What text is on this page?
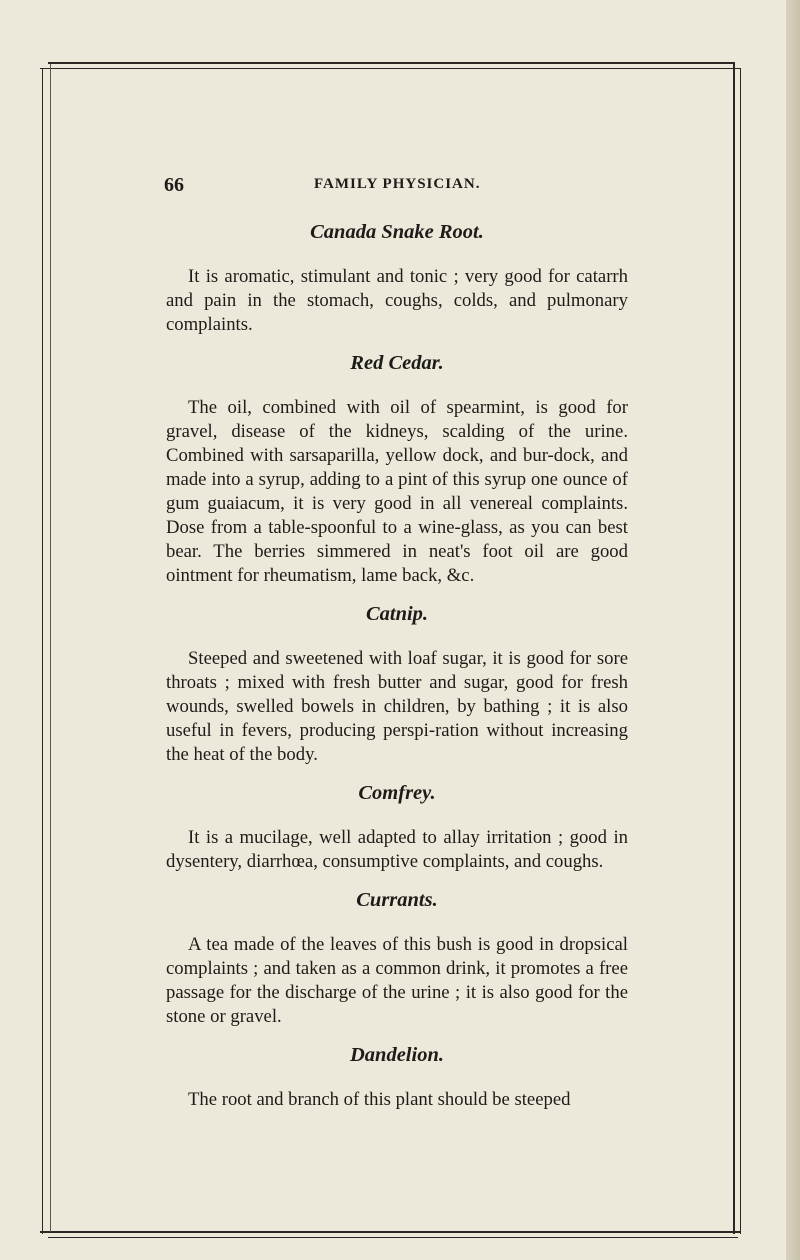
66	FAMILY PHYSICIAN.
Canada Snake Root.

It is aromatic, stimulant and tonic ; very good for catarrh and pain in the stomach, coughs, colds, and pulmonary complaints.

Red Cedar.

The oil, combined with oil of spearmint, is good for gravel, disease of the kidneys, scalding of the urine. Combined with sarsaparilla, yellow dock, and bur-dock, and made into a syrup, adding to a pint of this syrup one ounce of gum guaiacum, it is very good in all venereal complaints. Dose from a table-spoonful to a wine-glass, as you can best bear. The berries simmered in neat's foot oil are good ointment for rheumatism, lame back, &c.

Catnip.

Steeped and sweetened with loaf sugar, it is good for sore throats ; mixed with fresh butter and sugar, good for fresh wounds, swelled bowels in children, by bathing ; it is also useful in fevers, producing perspi-ration without increasing the heat of the body.

Comfrey.

It is a mucilage, well adapted to allay irritation ; good in dysentery, diarrhœa, consumptive complaints, and coughs.

Currants.

A tea made of the leaves of this bush is good in dropsical complaints ; and taken as a common drink, it promotes a free passage for the discharge of the urine ; it is also good for the stone or gravel.

Dandelion.

The root and branch of this plant should be steeped
